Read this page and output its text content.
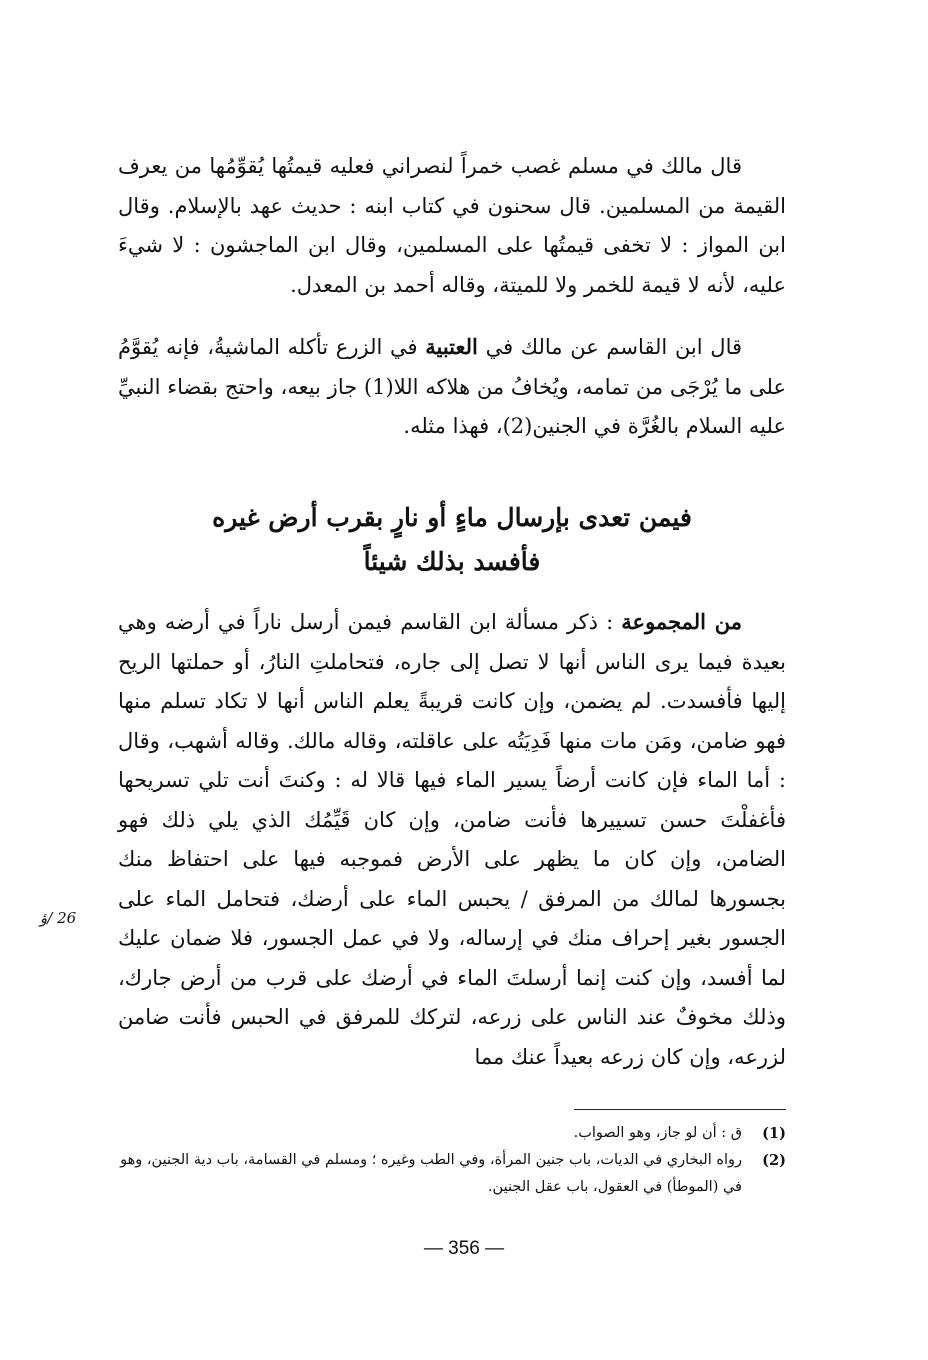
قال مالك في مسلم غصب خمراً لنصراني فعليه قيمتُها يُقوِّمُها من يعرف القيمة من المسلمين. قال سحنون في كتاب ابنه : حديث عهد بالإسلام. وقال ابن المواز : لا تخفى قيمتُها على المسلمين، وقال ابن الماجشون : لا شيءَ عليه، لأنه لا قيمة للخمر ولا للميتة، وقاله أحمد بن المعدل.
قال ابن القاسم عن مالك في العتبية في الزرع تأكله الماشيةُ، فإنه يُقوَّمُ على ما يُرْجَى من تمامه، ويُخافُ من هلاكه اللا(1) جاز بيعه، واحتج بقضاء النبيِّ عليه السلام بالغُرَّة في الجنين(2)، فهذا مثله.
فيمن تعدى بإرسال ماءٍ أو نارٍ بقرب أرض غيره
فأفسد بذلك شيئاً
من المجموعة : ذكر مسألة ابن القاسم فيمن أرسل ناراً في أرضه وهي بعيدة فيما يرى الناس أنها لا تصل إلى جاره، فتحاملتِ النارُ، أو حملتها الريح إليها فأفسدت. لم يضمن، وإن كانت قريبةً يعلم الناس أنها لا تكاد تسلم منها فهو ضامن، ومَن مات منها فَدِيَتُه على عاقلته، وقاله مالك. وقاله أشهب، وقال : أما الماء فإن كانت أرضاً يسير الماء فيها قالا له : وكنتَ أنت تلي تسريحها فأغفلْتَ حسن تسييرها فأنت ضامن، وإن كان قَيِّمُك الذي يلي ذلك فهو الضامن، وإن كان ما يظهر على الأرض فموجبه فيها على احتفاظ منك بجسورها لمالك من المرفق / يحبس الماء على أرضك، فتحامل الماء على الجسور بغير إحراف منك في إرساله، ولا في عمل الجسور، فلا ضمان عليك لما أفسد، وإن كنت إنما أرسلتَ الماء في أرضك على قرب من أرض جارك، وذلك مخوفٌ عند الناس على زرعه، لتركك للمرفق في الحبس فأنت ضامن لزرعه، وإن كان زرعه بعيداً عنك مما
26 /ؤ
(1)
ق : أن لو جاز، وهو الصواب.
(2)
رواه البخاري في الديات، باب جنين المرأة، وفي الطب وغيره ؛ ومسلم في القسامة، باب دية الجنين، وهو في (الموطأ) في العقول، باب عقل الجنين.
— 356 —
